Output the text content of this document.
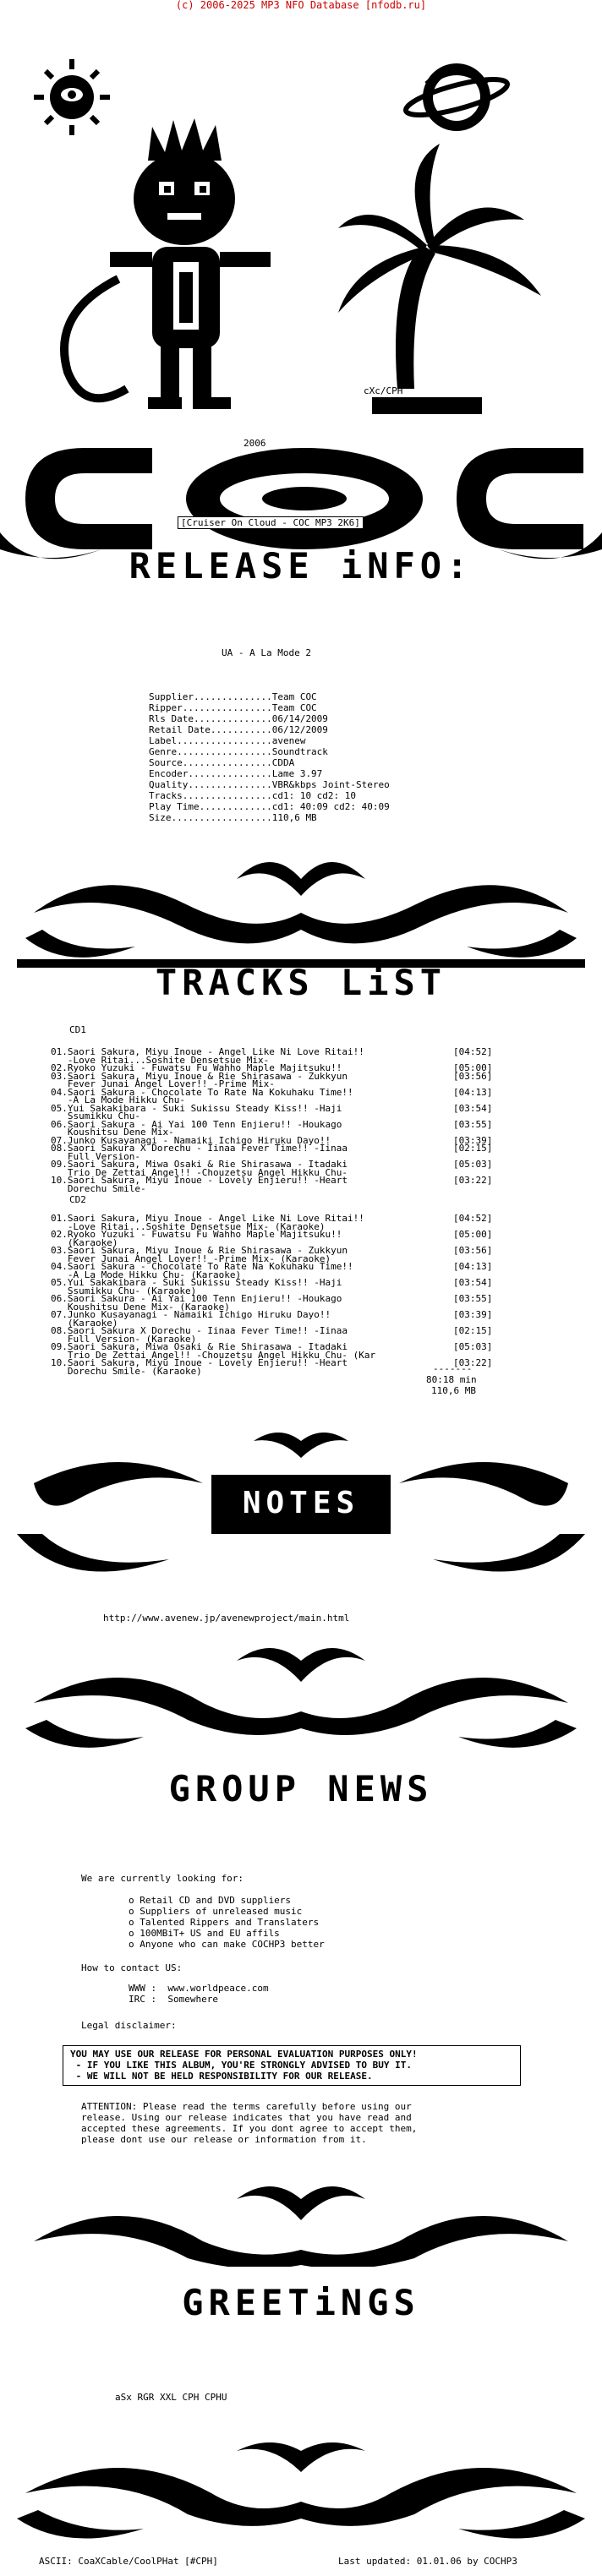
(c) 2006-2025 MP3 NFO Database [nfodb.ru]
cXc/CPH
2006
[Cruiser On Cloud - COC MP3 2K6]
RELEASE iNFO:
UA - A La Mode 2
Supplier..............Team COC
Ripper................Team COC
Rls Date..............06/14/2009
Retail Date...........06/12/2009
Label.................avenew
Genre.................Soundtrack
Source................CDDA
Encoder...............Lame 3.97
Quality...............VBR&kbps Joint-Stereo
Tracks................cd1: 10 cd2: 10
Play Time.............cd1: 40:09 cd2: 40:09
Size..................110,6 MB
TRACKS LiST
CD1
01.Saori Sakura, Miyu Inoue - Angel Like Ni Love Ritai!!	[04:52]
-Love Ritai...Soshite Densetsue Mix-
02.Ryoko Yuzuki - Fuwatsu Fu Wahho Maple Majitsuku!!	[05:00]
03.Saori Sakura, Miyu Inoue & Rie Shirasawa - Zukkyun	[03:56]
Fever Junai Angel Lover!! -Prime Mix-
04.Saori Sakura - Chocolate To Rate Na Kokuhaku Time!!	[04:13]
-A La Mode Hikku Chu-
05.Yui Sakakibara - Suki Sukissu Steady Kiss!! -Haji	[03:54]
Ssumikku Chu-
06.Saori Sakura - Ai Yai 100 Tenn Enjieru!! -Houkago	[03:55]
Koushitsu Dene Mix-
07.Junko Kusayanagi - Namaiki Ichigo Hiruku Dayo!!	[03:39]
08.Saori Sakura X Dorechu - Iinaa Fever Time!! -Iinaa	[02:15]
Full Version-
09.Saori Sakura, Miwa Osaki & Rie Shirasawa - Itadaki	[05:03]
Trio De Zettai Angel!! -Chouzetsu Angel Hikku Chu-
10.Saori Sakura, Miyu Inoue - Lovely Enjieru!! -Heart	[03:22]
Dorechu Smile-
CD2
01.Saori Sakura, Miyu Inoue - Angel Like Ni Love Ritai!!	[04:52]
-Love Ritai...Soshite Densetsue Mix- (Karaoke)
02.Ryoko Yuzuki - Fuwatsu Fu Wahho Maple Majitsuku!!	[05:00]
(Karaoke)
03.Saori Sakura, Miyu Inoue & Rie Shirasawa - Zukkyun	[03:56]
Fever Junai Angel Lover!! -Prime Mix- (Karaoke)
04.Saori Sakura - Chocolate To Rate Na Kokuhaku Time!!	[04:13]
-A La Mode Hikku Chu- (Karaoke)
05.Yui Sakakibara - Suki Sukissu Steady Kiss!! -Haji	[03:54]
Ssumikku Chu- (Karaoke)
06.Saori Sakura - Ai Yai 100 Tenn Enjieru!! -Houkago	[03:55]
Koushitsu Dene Mix- (Karaoke)
07.Junko Kusayanagi - Namaiki Ichigo Hiruku Dayo!!	[03:39]
(Karaoke)
08.Saori Sakura X Dorechu - Iinaa Fever Time!! -Iinaa	[02:15]
Full Version- (Karaoke)
09.Saori Sakura, Miwa Osaki & Rie Shirasawa - Itadaki	[05:03]
Trio De Zettai Angel!! -Chouzetsu Angel Hikku Chu- (Kar
10.Saori Sakura, Miyu Inoue - Lovely Enjieru!! -Heart	[03:22]
Dorechu Smile- (Karaoke)	-------
80:18 min
110,6 MB
NOTES
http://www.avenew.jp/avenewproject/main.html
GROUP NEWS
We are currently looking for:
o Retail CD and DVD suppliers
o Suppliers of unreleased music
o Talented Rippers and Translaters
o 100MBiT+ US and EU affils
o Anyone who can make COCHP3 better
How to contact US:
WWW :  www.worldpeace.com
IRC :  Somewhere
Legal disclaimer:
YOU MAY USE OUR RELEASE FOR PERSONAL EVALUATION PURPOSES ONLY!
- IF YOU LIKE THIS ALBUM, YOU'RE STRONGLY ADVISED TO BUY IT.
- WE WILL NOT BE HELD RESPONSIBILITY FOR OUR RELEASE.
ATTENTION: Please read the terms carefully before using our
release. Using our release indicates that you have read and
accepted these agreements. If you dont agree to accept them,
please dont use our release or information from it.
GREETiNGS
aSx RGR XXL CPH CPHU
ASCII: CoaXCable/CoolPHat [#CPH]	Last updated: 01.01.06 by COCHP3
